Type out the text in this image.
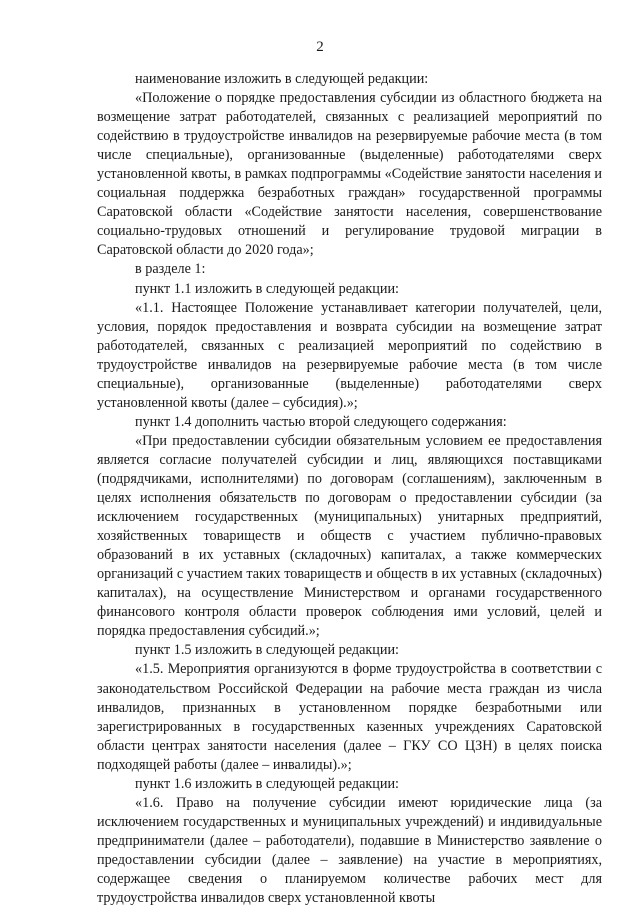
2

наименование изложить в следующей редакции:

«Положение о порядке предоставления субсидии из областного бюджета на возмещение затрат работодателей, связанных с реализацией мероприятий по содействию в трудоустройстве инвалидов на резервируемые рабочие места (в том числе специальные), организованные (выделенные) работодателями сверх установленной квоты, в рамках подпрограммы «Содействие занятости населения и социальная поддержка безработных граждан» государственной программы Саратовской области «Содействие занятости населения, совершенствование социально-трудовых отношений и регулирование трудовой миграции в Саратовской области до 2020 года»;

в разделе 1:

пункт 1.1 изложить в следующей редакции:

«1.1. Настоящее Положение устанавливает категории получателей, цели, условия, порядок предоставления и возврата субсидии на возмещение затрат работодателей, связанных с реализацией мероприятий по содействию в трудоустройстве инвалидов на резервируемые рабочие места (в том числе специальные), организованные (выделенные) работодателями сверх установленной квоты (далее – субсидия).»;

пункт 1.4 дополнить частью второй следующего содержания:

«При предоставлении субсидии обязательным условием ее предоставления является согласие получателей субсидии и лиц, являющихся поставщиками (подрядчиками, исполнителями) по договорам (соглашениям), заключенным в целях исполнения обязательств по договорам о предоставлении субсидии (за исключением государственных (муниципальных) унитарных предприятий, хозяйственных товариществ и обществ с участием публично-правовых образований в их уставных (складочных) капиталах, а также коммерческих организаций с участием таких товариществ и обществ в их уставных (складочных) капиталах), на осуществление Министерством и органами государственного финансового контроля области проверок соблюдения ими условий, целей и порядка предоставления субсидий.»;

пункт 1.5 изложить в следующей редакции:

«1.5. Мероприятия организуются в форме трудоустройства в соответствии с законодательством Российской Федерации на рабочие места граждан из числа инвалидов, признанных в установленном порядке безработными или зарегистрированных в государственных казенных учреждениях Саратовской области центрах занятости населения (далее – ГКУ СО ЦЗН) в целях поиска подходящей работы (далее – инвалиды).»;

пункт 1.6 изложить в следующей редакции:

«1.6. Право на получение субсидии имеют юридические лица (за исключением государственных и муниципальных учреждений) и индивидуальные предприниматели (далее – работодатели), подавшие в Министерство заявление о предоставлении субсидии (далее – заявление) на участие в мероприятиях, содержащее сведения о планируемом количестве рабочих мест для трудоустройства инвалидов сверх установленной квоты
